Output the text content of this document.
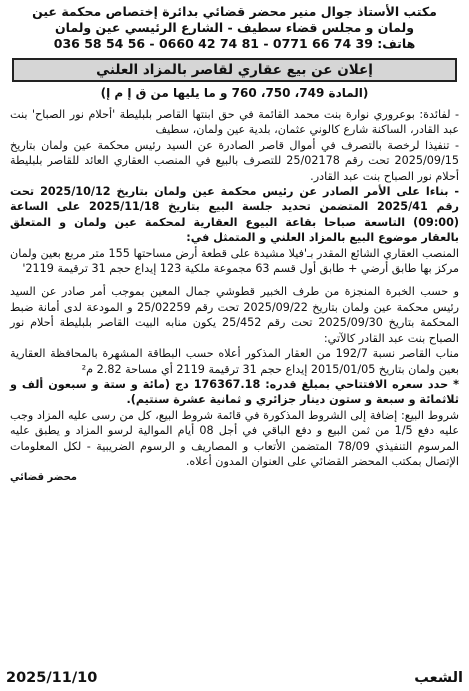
مكتب الأستاذ جوال منير محضر قضائي بدائرة إختصاص محكمة عين

ولمان و مجلس قضاء سطيف - الشارع الرئيسي عين ولمان

هاتف: 036 58 54 56 - 0660 42 74 81 - 0771 66 74 39

إعلان عن بيع عقاري لقاصر بالمزاد العلني
(المادة 749، 750، 760 و ما يليها من ق إ م إ)

- لفائدة: بوعروري نوارة بنت محمد القائمة في حق ابنتها القاصر بلبليطة 'أحلام نور الصباح' بنت عبد القادر، الساكنة شارع كالوني عثمان، بلدية عين ولمان، سطيف

- تنفيذا لرخصة بالتصرف في أموال قاصر الصادرة عن السيد رئيس محكمة عين ولمان بتاريخ 2025/09/15 تحت رقم 25/02178 للتصرف بالبيع في المنصب العقاري العائد للقاصر بلبليطة أحلام نور الصباح بنت عبد القادر.

- بناءا على الأمر الصادر عن رئيس محكمة عين ولمان بتاريخ 2025/10/12 تحت رقم 2025/41 المتضمن تحديد جلسة البيع بتاريخ 2025/11/18 على الساعة (09:00) التاسعة صباحا بقاعة البيوع العقارية لمحكمة عين ولمان و المتعلق بالعقار موضوع البيع بالمزاد العلني و المتمثل في:

المنصب العقاري الشائع المقدر بـ'فيلا مشيدة على قطعة أرض مساحتها 155 متر مربع بعين ولمان مركز بها طابق أرضي + طابق أول قسم 63 مجموعة ملكية 123 إيداع حجم 31 ترقيمة 2119'

و حسب الخبرة المنجزة من طرف الخبير قطوشي جمال المعين بموجب أمر صادر عن السيد رئيس محكمة عين ولمان بتاريخ 2025/09/22 تحت رقم 25/02259 و المودعة لدى أمانة ضبط المحكمة بتاريخ 2025/09/30 تحت رقم 25/452 يكون منابه البيت القاصر بلبليطة أحلام نور الصباح بنت عبد القادر كالآتي:

مناب القاصر نسبة 192/7 من العقار المذكور أعلاه حسب البطاقة المشهرة بالمحافظة العقارية بعين ولمان بتاريخ 2015/01/05 إيداع حجم 31 ترقيمة 2119 أي مساحة 2.82 م²

* حدد سعره الافتتاحي بمبلغ قدره: 176367.18 دج (مائة و ستة و سبعون ألف و ثلاثمائة و سبعة و ستون دينار جزائري و ثمانية عشرة سنتيم).

شروط البيع: إضافة إلى الشروط المذكورة في قائمة شروط البيع، كل من رسى عليه المزاد وجب عليه دفع 1/5 من ثمن البيع و دفع الباقي في أجل 08 أيام الموالية لرسو المزاد و يطبق عليه المرسوم التنفيذي 78/09 المتضمن الأتعاب و المصاريف و الرسوم الضريبية - لكل المعلومات الإتصال بمكتب المحضر القضائي على العنوان المدون أعلاه.

محضر قضائي
الشعب
2025/11/10
